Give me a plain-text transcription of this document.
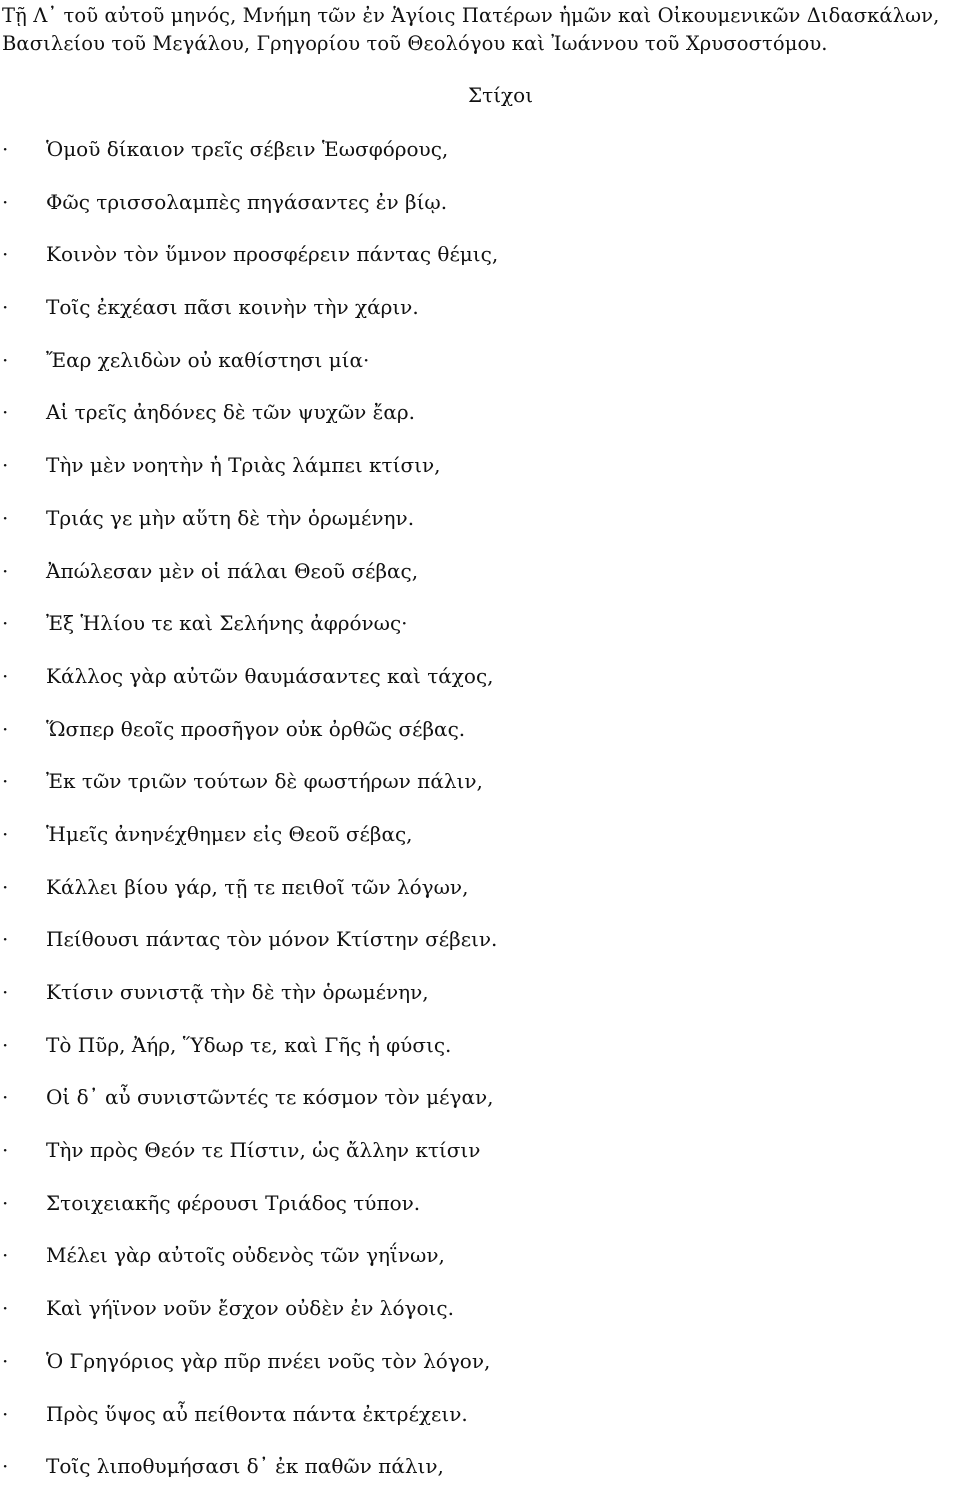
Τῇ Λ᾽ τοῦ αὐτοῦ μηνός, Μνήμη τῶν ἐν Ἁγίοις Πατέρων ἡμῶν καὶ Οἰκουμενικῶν Διδασκάλων,
Βασιλείου τοῦ Μεγάλου, Γρηγορίου τοῦ Θεολόγου καὶ Ἰωάννου τοῦ Χρυσοστόμου.
Στίχοι
·	Ὁμοῦ δίκαιον τρεῖς σέβειν Ἑωσφόρους,
·	Φῶς τρισσολαμπὲς πηγάσαντες ἐν βίῳ.
·	Κοινὸν τὸν ὕμνον προσφέρειν πάντας θέμις,
·	Τοῖς ἐκχέασι πᾶσι κοινὴν τὴν χάριν.
·	Ἔαρ χελιδὼν οὐ καθίστησι μία·
·	Αἱ τρεῖς ἀηδόνες δὲ τῶν ψυχῶν ἔαρ.
·	Τὴν μὲν νοητὴν ἡ Τριὰς λάμπει κτίσιν,
·	Τριάς γε μὴν αὕτη δὲ τὴν ὁρωμένην.
·	Ἀπώλεσαν μὲν οἱ πάλαι Θεοῦ σέβας,
·	Ἐξ Ἡλίου τε καὶ Σελήνης ἀφρόνως·
·	Κάλλος γὰρ αὐτῶν θαυμάσαντες καὶ τάχος,
·	Ὥσπερ θεοῖς προσῆγον οὐκ ὀρθῶς σέβας.
·	Ἐκ τῶν τριῶν τούτων δὲ φωστήρων πάλιν,
·	Ἡμεῖς ἀνηνέχθημεν εἰς Θεοῦ σέβας,
·	Κάλλει βίου γάρ, τῇ τε πειθοῖ τῶν λόγων,
·	Πείθουσι πάντας τὸν μόνον Κτίστην σέβειν.
·	Κτίσιν συνιστᾷ τὴν δὲ τὴν ὁρωμένην,
·	Τὸ Πῦρ, Ἀήρ, Ὕδωρ τε, καὶ Γῆς ἡ φύσις.
·	Οἱ δ᾽ αὖ συνιστῶντές τε κόσμον τὸν μέγαν,
·	Τὴν πρὸς Θεόν τε Πίστιν, ὡς ἄλλην κτίσιν
·	Στοιχειακῆς φέρουσι Τριάδος τύπον.
·	Μέλει γὰρ αὐτοῖς οὐδενὸς τῶν γηΐνων,
·	Καὶ γήϊνον νοῦν ἔσχον οὐδὲν ἐν λόγοις.
·	Ὁ Γρηγόριος γὰρ πῦρ πνέει νοῦς τὸν λόγον,
·	Πρὸς ὕψος αὖ πείθοντα πάντα ἐκτρέχειν.
·	Τοῖς λιποθυμήσασι δ᾽ ἐκ παθῶν πάλιν,
